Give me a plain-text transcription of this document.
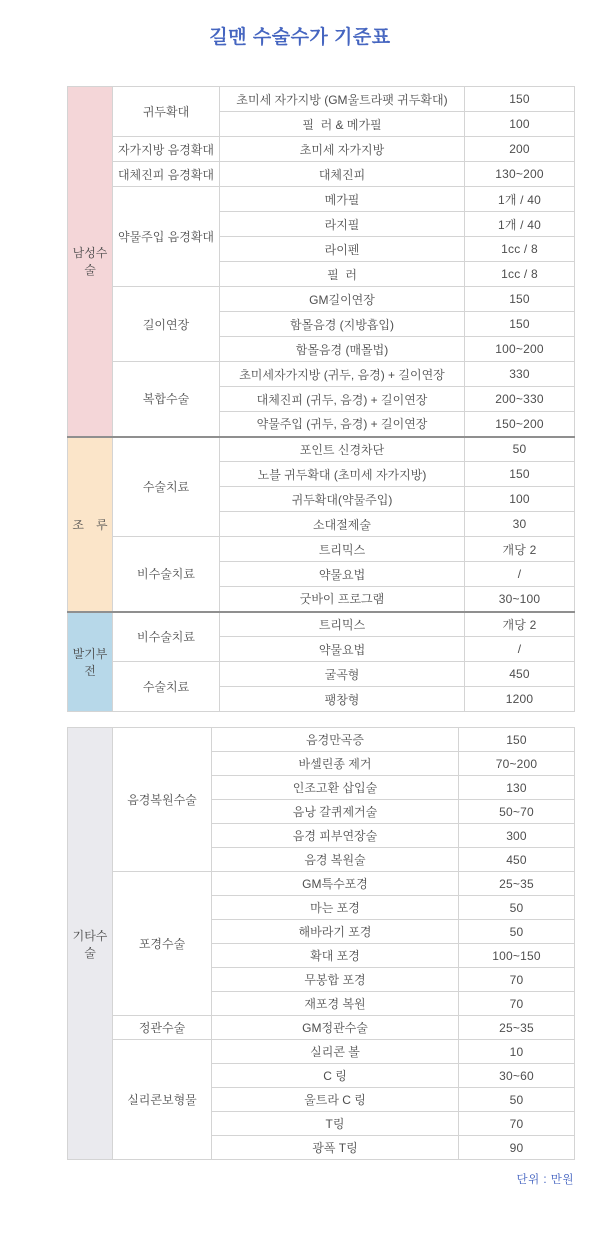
길맨 수술수가 기준표
남성수술	귀두확대	초미세 자가지방 (GM울트라팻 귀두확대)	150
		필  러 & 메가필	100
	자가지방 음경확대	초미세 자가지방	200
	대체진피 음경확대	대체진피	130~200
	약물주입 음경확대	메가필	1개 / 40
		라지필	1개 / 40
		라이펜	1cc / 8
		필  러	1cc / 8
	길이연장	GM길이연장	150
		함몰음경 (지방흡입)	150
		함몰음경 (매몰법)	100~200
	복합수술	초미세자가지방 (귀두, 음경) + 길이연장	330
		대체진피 (귀두, 음경) + 길이연장	200~330
		약물주입 (귀두, 음경) + 길이연장	150~200
조　루	수술치료	포인트 신경차단	50
		노블 귀두확대 (초미세 자가지방)	150
		귀두확대(약물주입)	100
		소대절제술	30
	비수술치료	트리믹스	개당 2
		약물요법	/
		굿바이 프로그램	30~100
발기부전	비수술치료	트리믹스	개당 2
		약물요법	/
	수술치료	굴곡형	450
		팽창형	1200
기타수술	음경복원수술	음경만곡증	150
		바셀린종 제거	70~200
		인조고환 삽입술	130
		음낭 갈퀴제거술	50~70
		음경 피부연장술	300
		음경 복원술	450
	포경수술	GM특수포경	25~35
		마는 포경	50
		해바라기 포경	50
		확대 포경	100~150
		무봉합 포경	70
		재포경 복원	70
	정관수술	GM정관수술	25~35
	실리콘보형물	실리콘 볼	10
		C 링	30~60
		울트라 C 링	50
		T링	70
		광폭 T링	90
단위 : 만원
